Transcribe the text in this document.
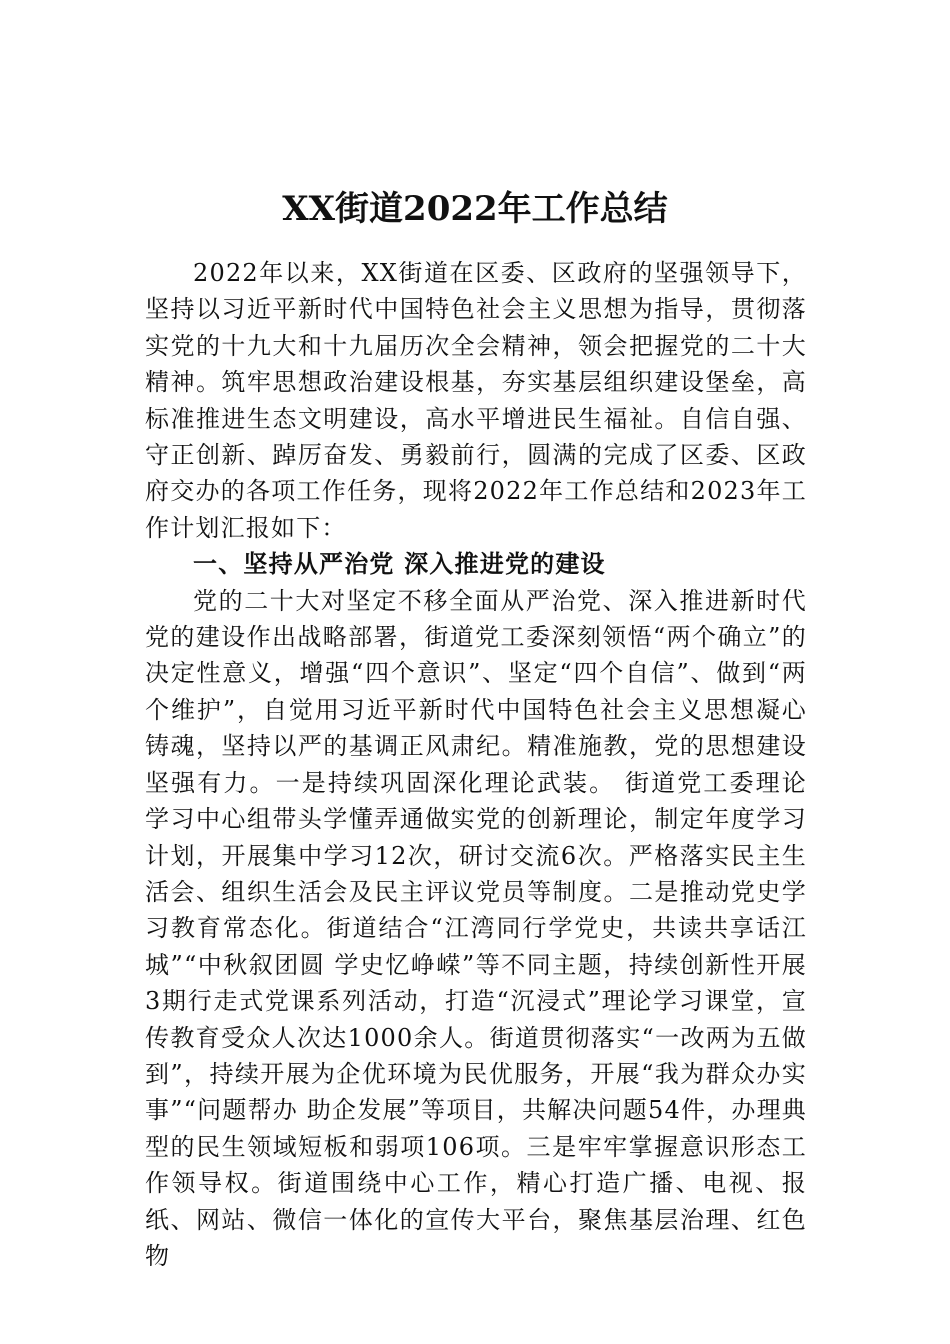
XX街道2022年工作总结

2022年以来，XX街道在区委、区政府的坚强领导下，坚持以习近平新时代中国特色社会主义思想为指导，贯彻落实党的十九大和十九届历次全会精神，领会把握党的二十大精神。筑牢思想政治建设根基，夯实基层组织建设堡垒，高标准推进生态文明建设，高水平增进民生福祉。自信自强、守正创新、踔厉奋发、勇毅前行，圆满的完成了区委、区政府交办的各项工作任务，现将2022年工作总结和2023年工作计划汇报如下：

一、坚持从严治党 深入推进党的建设

党的二十大对坚定不移全面从严治党、深入推进新时代党的建设作出战略部署，街道党工委深刻领悟“两个确立”的决定性意义，增强“四个意识”、坚定“四个自信”、做到“两个维护”，自觉用习近平新时代中国特色社会主义思想凝心铸魂，坚持以严的基调正风肃纪。精准施教，党的思想建设坚强有力。一是持续巩固深化理论武装。 街道党工委理论学习中心组带头学懂弄通做实党的创新理论，制定年度学习计划，开展集中学习12次，研讨交流6次。严格落实民主生活会、组织生活会及民主评议党员等制度。二是推动党史学习教育常态化。街道结合“江湾同行学党史，共读共享话江城”“中秋叙团圆 学史忆峥嵘”等不同主题，持续创新性开展3期行走式党课系列活动，打造“沉浸式”理论学习课堂，宣传教育受众人次达1000余人。街道贯彻落实“一改两为五做到”，持续开展为企优环境为民优服务，开展“我为群众办实事”“问题帮办 助企发展”等项目，共解决问题54件，办理典型的民生领域短板和弱项106项。三是牢牢掌握意识形态工作领导权。街道围绕中心工作，精心打造广播、电视、报纸、网站、微信一体化的宣传大平台，聚焦基层治理、红色物
